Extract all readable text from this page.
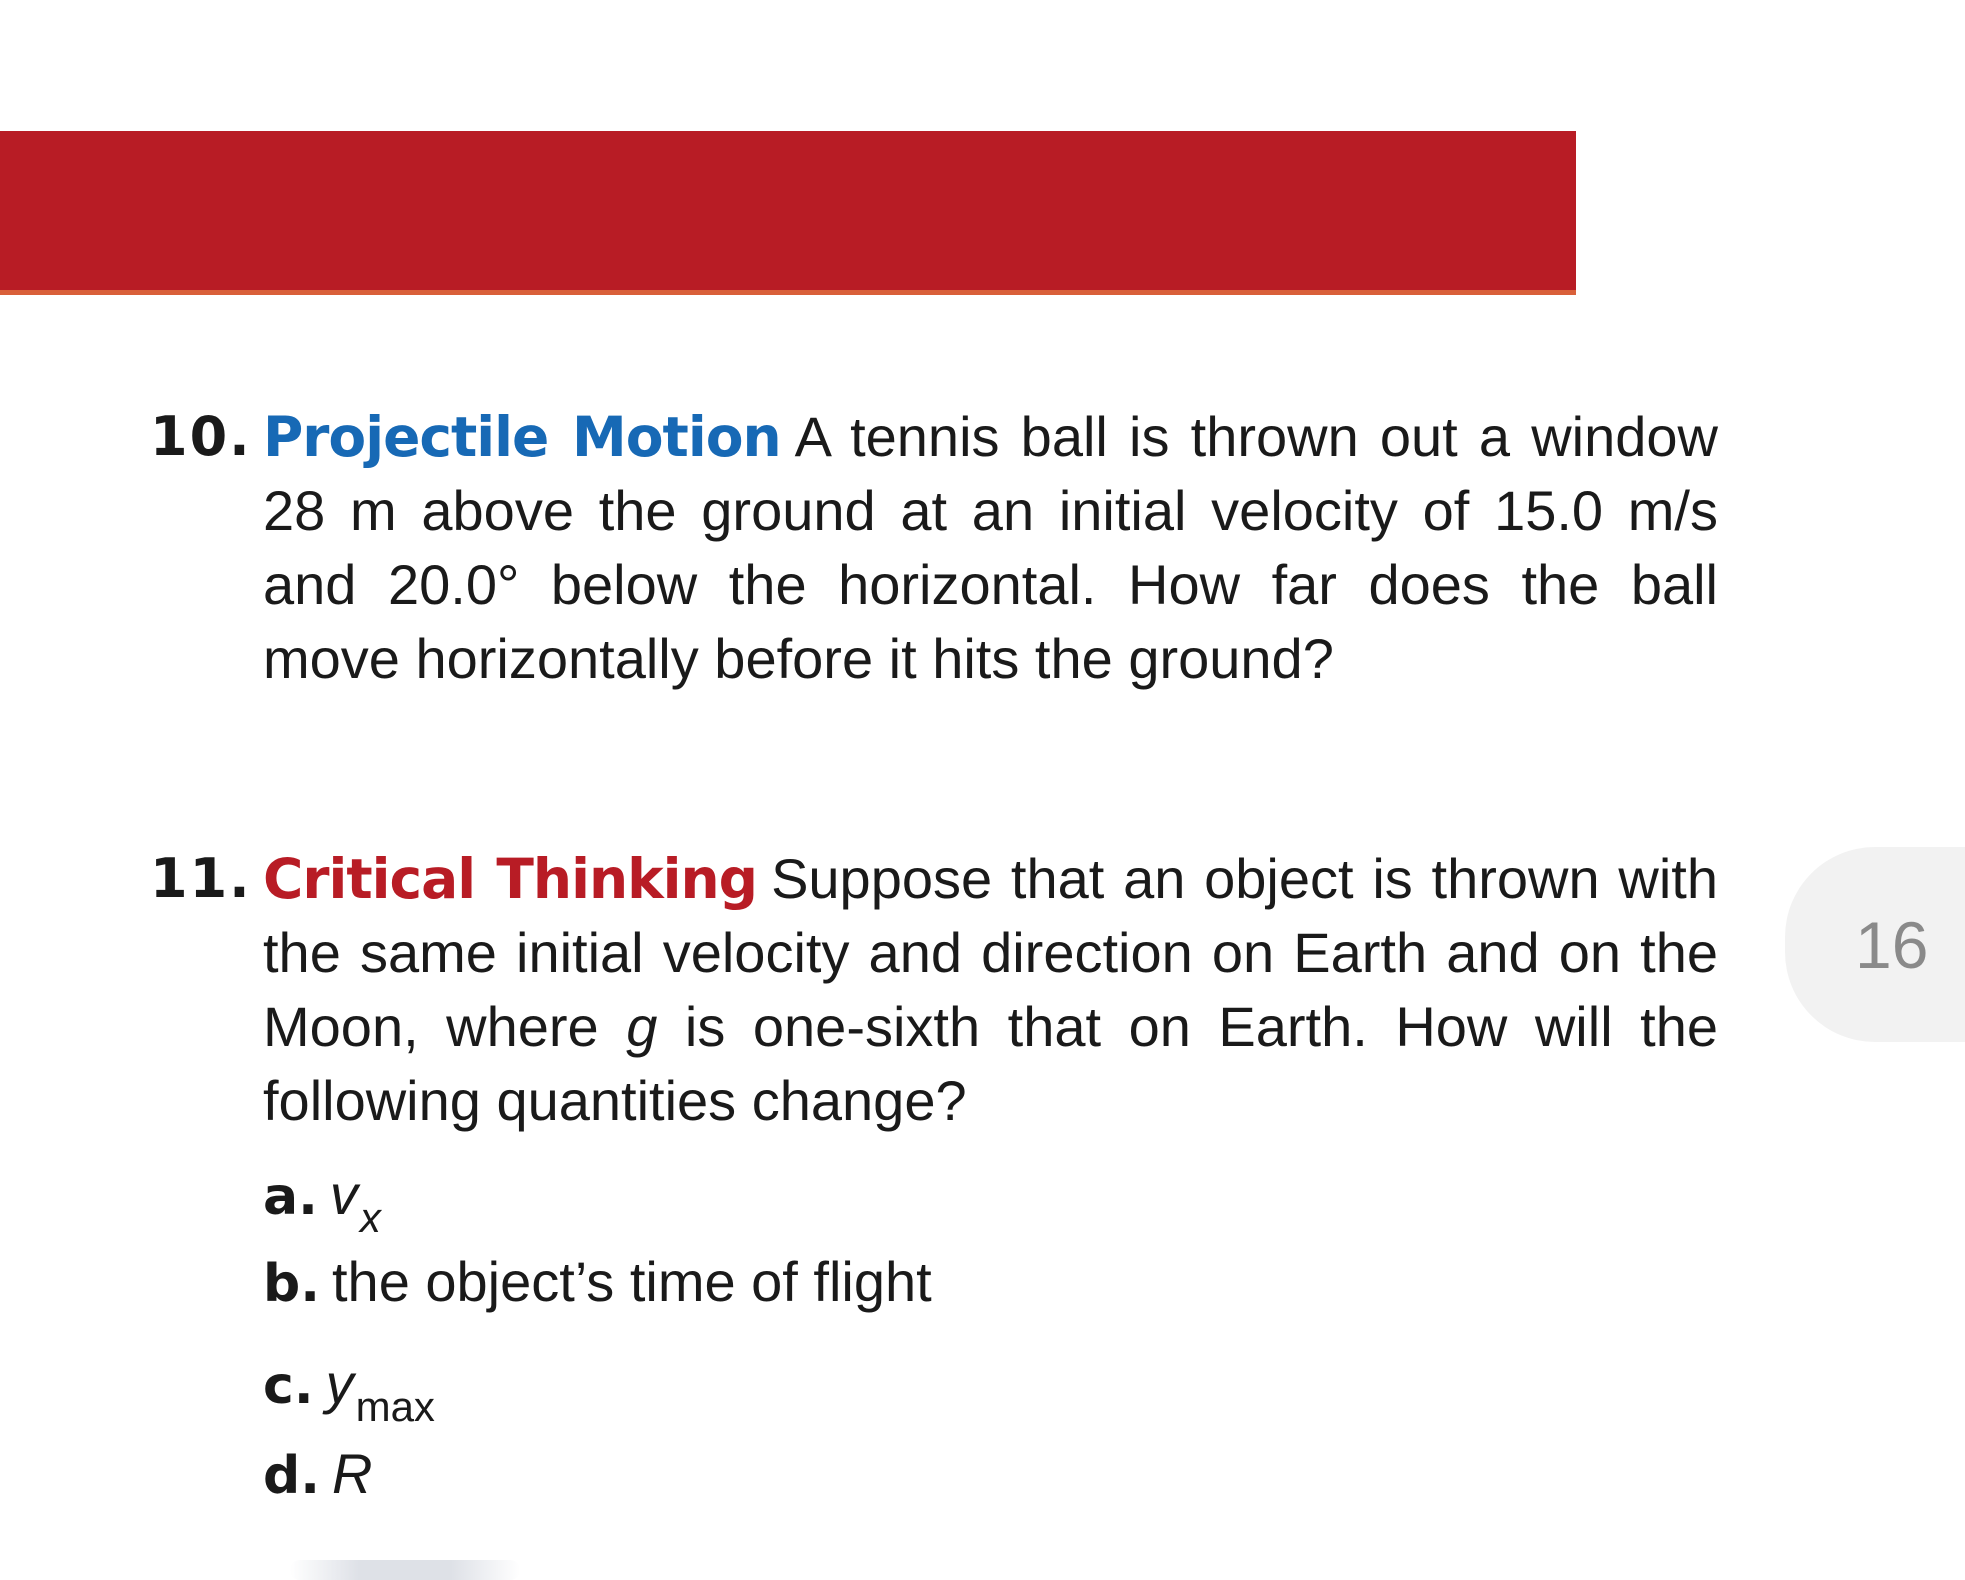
10. Projectile Motion A tennis ball is thrown out a window 28 m above the ground at an initial velocity of 15.0 m/s and 20.0° below the horizontal. How far does the ball move horizontally before it hits the ground?
11. Critical Thinking Suppose that an object is thrown with the same initial velocity and direction on Earth and on the Moon, where g is one-sixth that on Earth. How will the following quantities change?
a. $v_x$
b. the object’s time of flight
c. $y_{max}$
d. R
16
